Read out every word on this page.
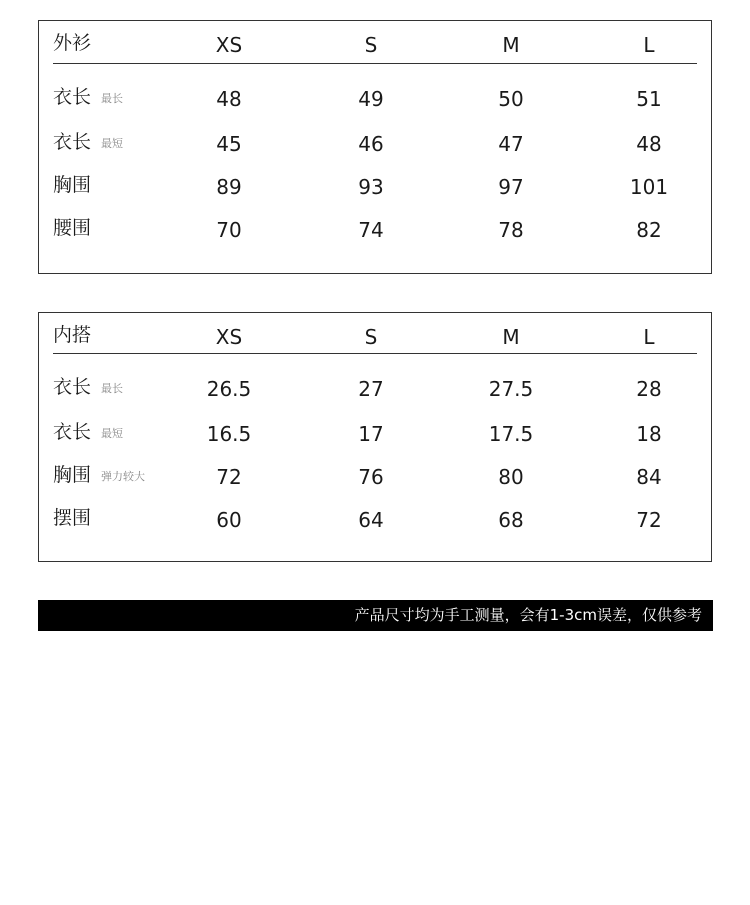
外衫	XS	S	M	L
衣长 最长	48	49	50	51
衣长 最短	45	46	47	48
胸围	89	93	97	101
腰围	70	74	78	82
内搭	XS	S	M	L
衣长 最长	26.5	27	27.5	28
衣长 最短	16.5	17	17.5	18
胸围 弹力较大	72	76	80	84
摆围	60	64	68	72
产品尺寸均为手工测量，会有1-3cm误差，仅供参考
